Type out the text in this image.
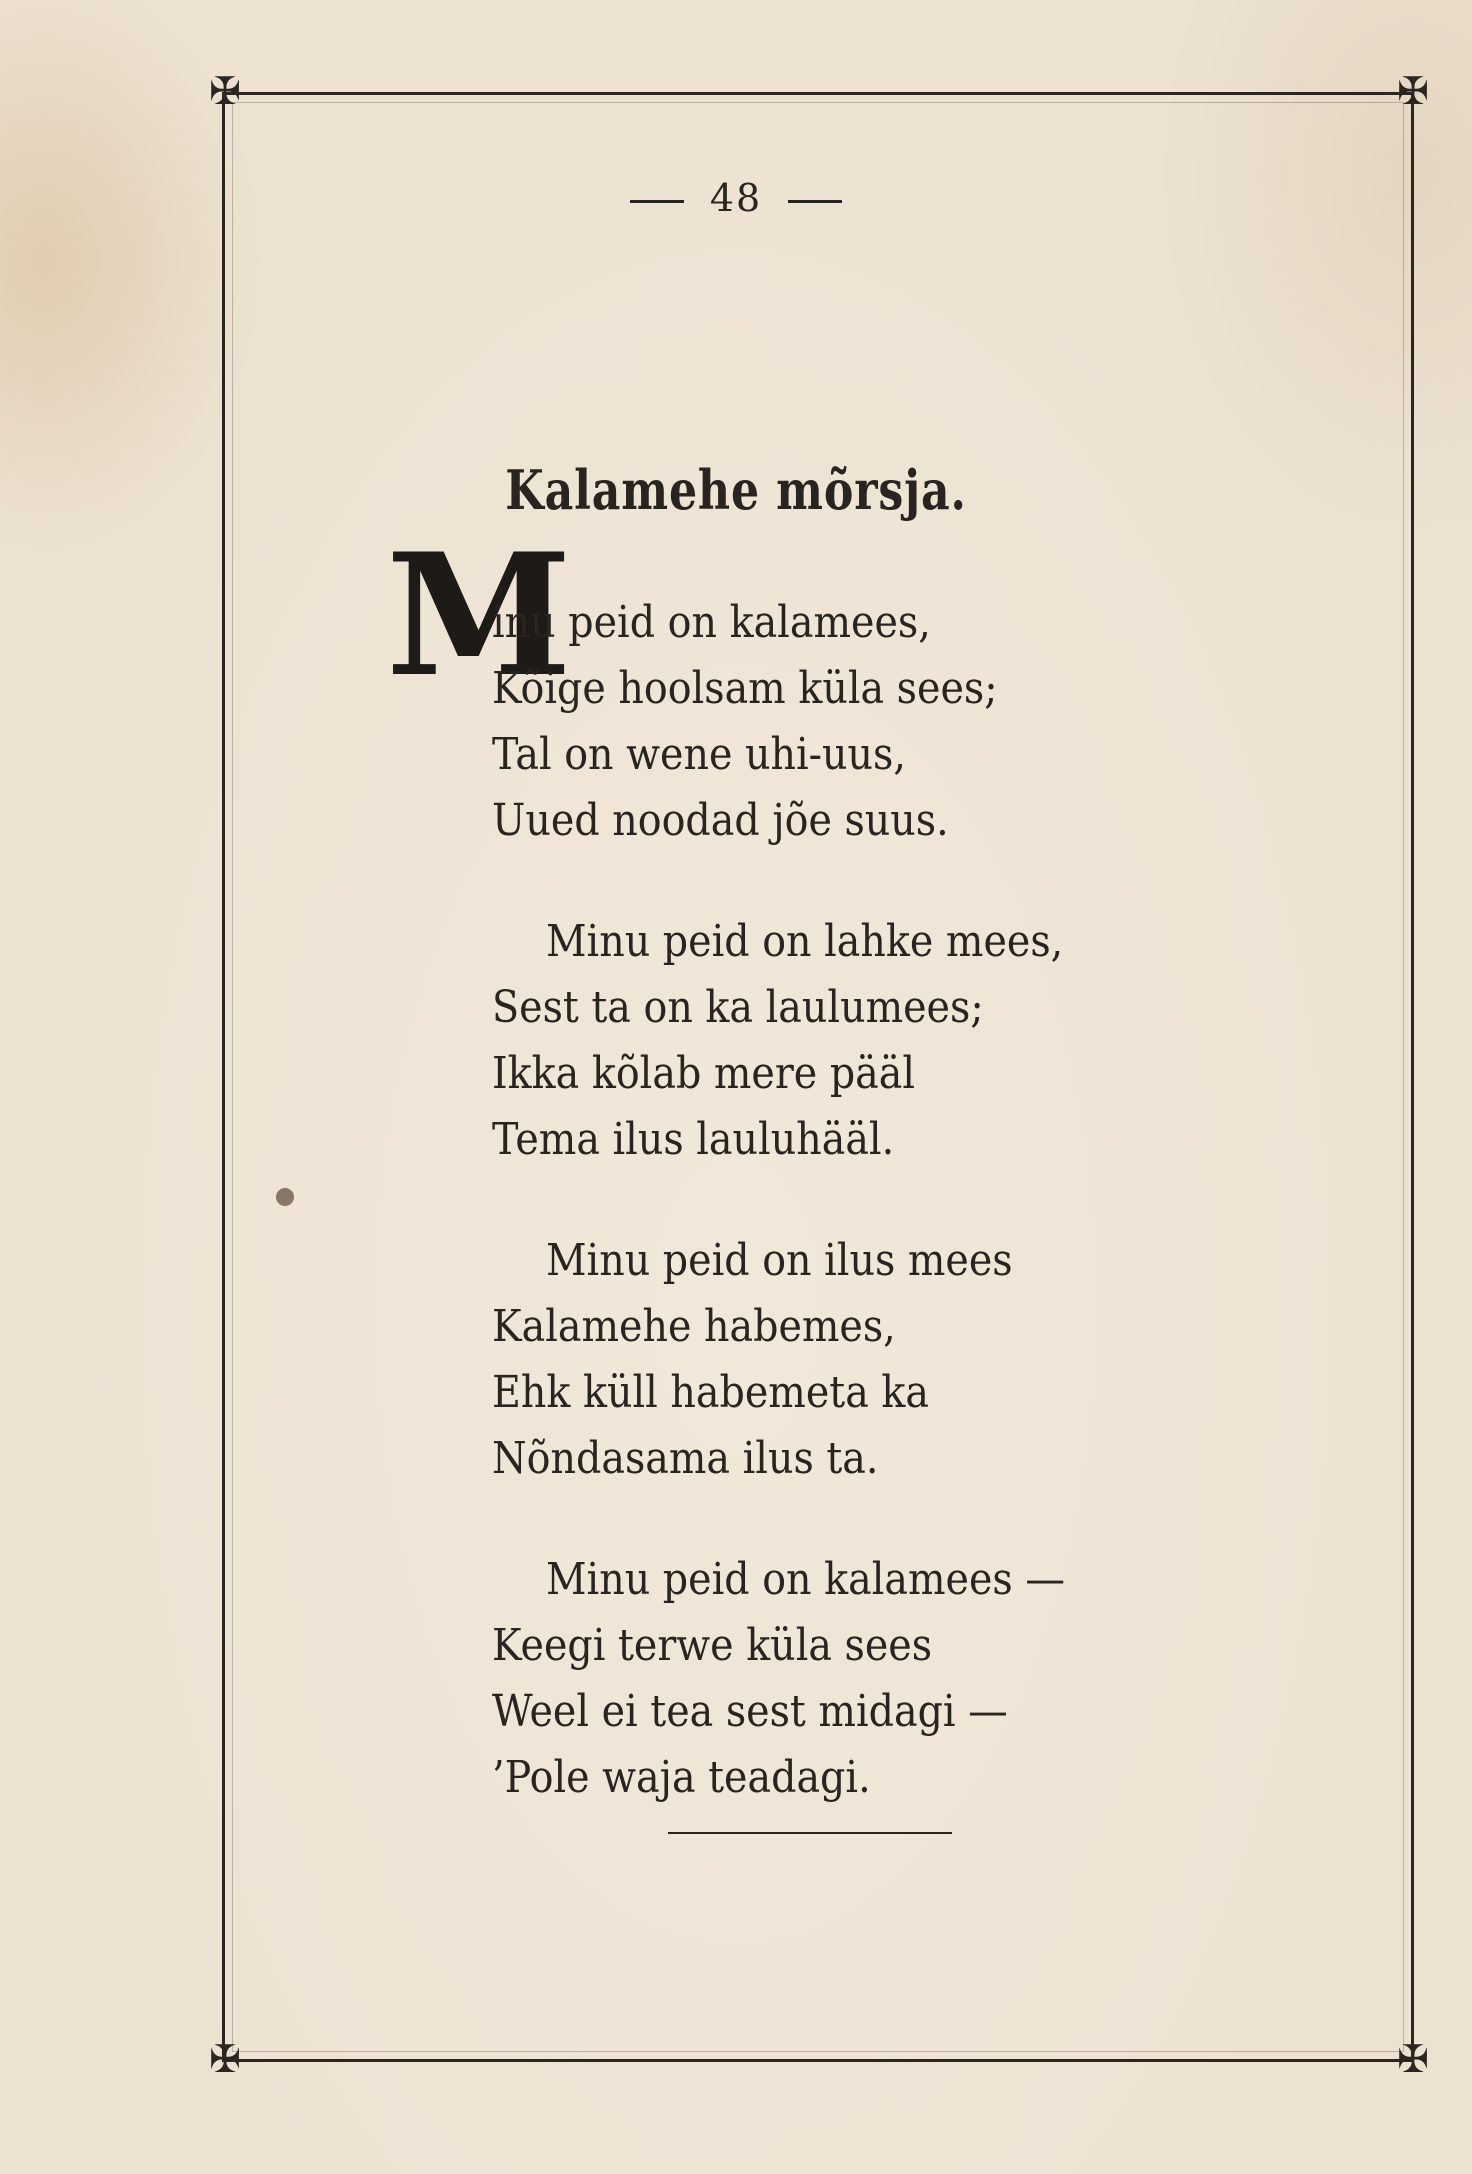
✠	✠
✠	✠
48
Kalamehe mõrsja.
M
inu peid on kalamees,
Kõige hoolsam küla sees;
Tal on wene uhi-uus,
Uued noodad jõe suus.
Minu peid on lahke mees,
Sest ta on ka laulumees;
Ikka kõlab mere pääl
Tema ilus lauluhääl.
Minu peid on ilus mees
Kalamehe habemes,
Ehk küll habemeta ka
Nõndasama ilus ta.
Minu peid on kalamees —
Keegi terwe küla sees
Weel ei tea sest midagi —
’Pole waja teadagi.
